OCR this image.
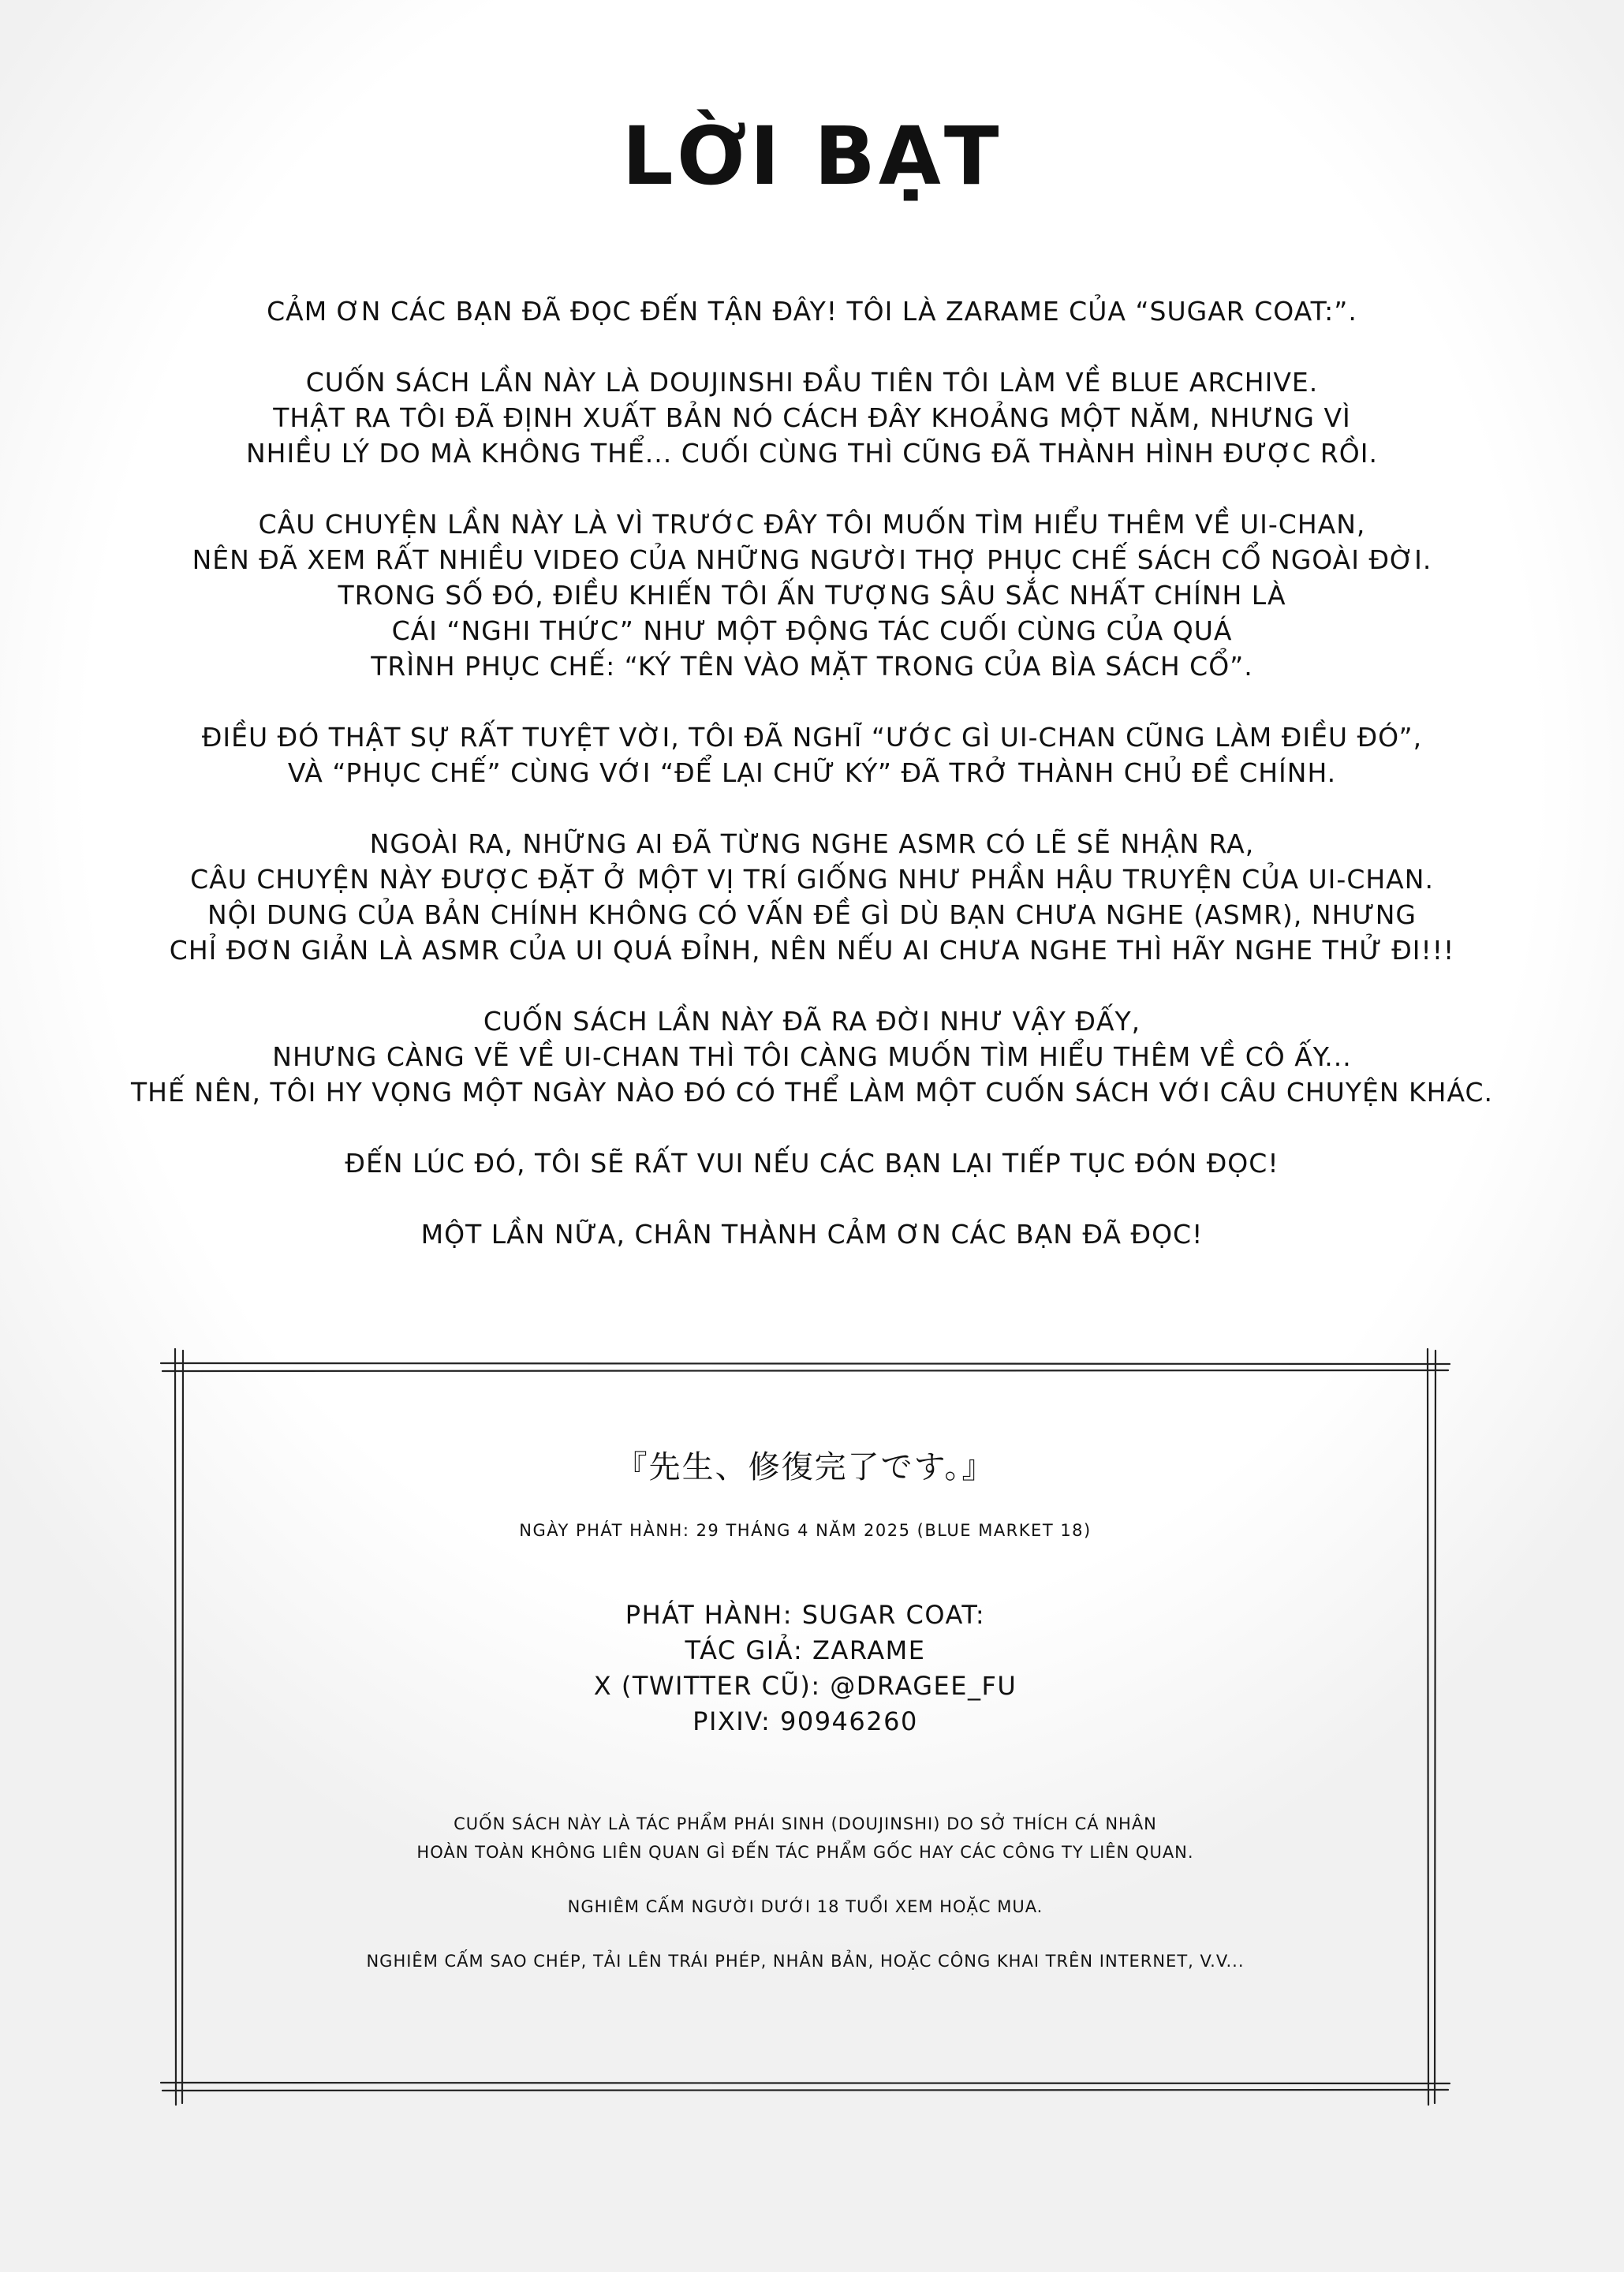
LỜI BẠT

CẢM ƠN CÁC BẠN ĐÃ ĐỌC ĐẾN TẬN ĐÂY! TÔI LÀ ZARAME CỦA “SUGAR COAT:”.

CUỐN SÁCH LẦN NÀY LÀ DOUJINSHI ĐẦU TIÊN TÔI LÀM VỀ BLUE ARCHIVE.
THẬT RA TÔI ĐÃ ĐỊNH XUẤT BẢN NÓ CÁCH ĐÂY KHOẢNG MỘT NĂM, NHƯNG VÌ
NHIỀU LÝ DO MÀ KHÔNG THỂ... CUỐI CÙNG THÌ CŨNG ĐÃ THÀNH HÌNH ĐƯỢC RỒI.

CÂU CHUYỆN LẦN NÀY LÀ VÌ TRƯỚC ĐÂY TÔI MUỐN TÌM HIỂU THÊM VỀ UI-CHAN,
NÊN ĐÃ XEM RẤT NHIỀU VIDEO CỦA NHỮNG NGƯỜI THỢ PHỤC CHẾ SÁCH CỔ NGOÀI ĐỜI.
TRONG SỐ ĐÓ, ĐIỀU KHIẾN TÔI ẤN TƯỢNG SÂU SẮC NHẤT CHÍNH LÀ
CÁI “NGHI THỨC” NHƯ MỘT ĐỘNG TÁC CUỐI CÙNG CỦA QUÁ
TRÌNH PHỤC CHẾ: “KÝ TÊN VÀO MẶT TRONG CỦA BÌA SÁCH CỔ”.

ĐIỀU ĐÓ THẬT SỰ RẤT TUYỆT VỜI, TÔI ĐÃ NGHĨ “ƯỚC GÌ UI-CHAN CŨNG LÀM ĐIỀU ĐÓ”,
VÀ “PHỤC CHẾ” CÙNG VỚI “ĐỂ LẠI CHỮ KÝ” ĐÃ TRỞ THÀNH CHỦ ĐỀ CHÍNH.

NGOÀI RA, NHỮNG AI ĐÃ TỪNG NGHE ASMR CÓ LẼ SẼ NHẬN RA,
CÂU CHUYỆN NÀY ĐƯỢC ĐẶT Ở MỘT VỊ TRÍ GIỐNG NHƯ PHẦN HẬU TRUYỆN CỦA UI-CHAN.
NỘI DUNG CỦA BẢN CHÍNH KHÔNG CÓ VẤN ĐỀ GÌ DÙ BẠN CHƯA NGHE (ASMR), NHƯNG
CHỈ ĐƠN GIẢN LÀ ASMR CỦA UI QUÁ ĐỈNH, NÊN NẾU AI CHƯA NGHE THÌ HÃY NGHE THỬ ĐI!!!

CUỐN SÁCH LẦN NÀY ĐÃ RA ĐỜI NHƯ VẬY ĐẤY,
NHƯNG CÀNG VẼ VỀ UI-CHAN THÌ TÔI CÀNG MUỐN TÌM HIỂU THÊM VỀ CÔ ẤY...
THẾ NÊN, TÔI HY VỌNG MỘT NGÀY NÀO ĐÓ CÓ THỂ LÀM MỘT CUỐN SÁCH VỚI CÂU CHUYỆN KHÁC.

ĐẾN LÚC ĐÓ, TÔI SẼ RẤT VUI NẾU CÁC BẠN LẠI TIẾP TỤC ĐÓN ĐỌC!

MỘT LẦN NỮA, CHÂN THÀNH CẢM ƠN CÁC BẠN ĐÃ ĐỌC!

『先生、修復完了です。』
NGÀY PHÁT HÀNH: 29 THÁNG 4 NĂM 2025 (BLUE MARKET 18)
PHÁT HÀNH: SUGAR COAT:
TÁC GIẢ: ZARAME
X (TWITTER CŨ): @DRAGEE_FU
PIXIV: 90946260

CUỐN SÁCH NÀY LÀ TÁC PHẨM PHÁI SINH (DOUJINSHI) DO SỞ THÍCH CÁ NHÂN
HOÀN TOÀN KHÔNG LIÊN QUAN GÌ ĐẾN TÁC PHẨM GỐC HAY CÁC CÔNG TY LIÊN QUAN.

NGHIÊM CẤM NGƯỜI DƯỚI 18 TUỔI XEM HOẶC MUA.

NGHIÊM CẤM SAO CHÉP, TẢI LÊN TRÁI PHÉP, NHÂN BẢN, HOẶC CÔNG KHAI TRÊN INTERNET, V.V...
